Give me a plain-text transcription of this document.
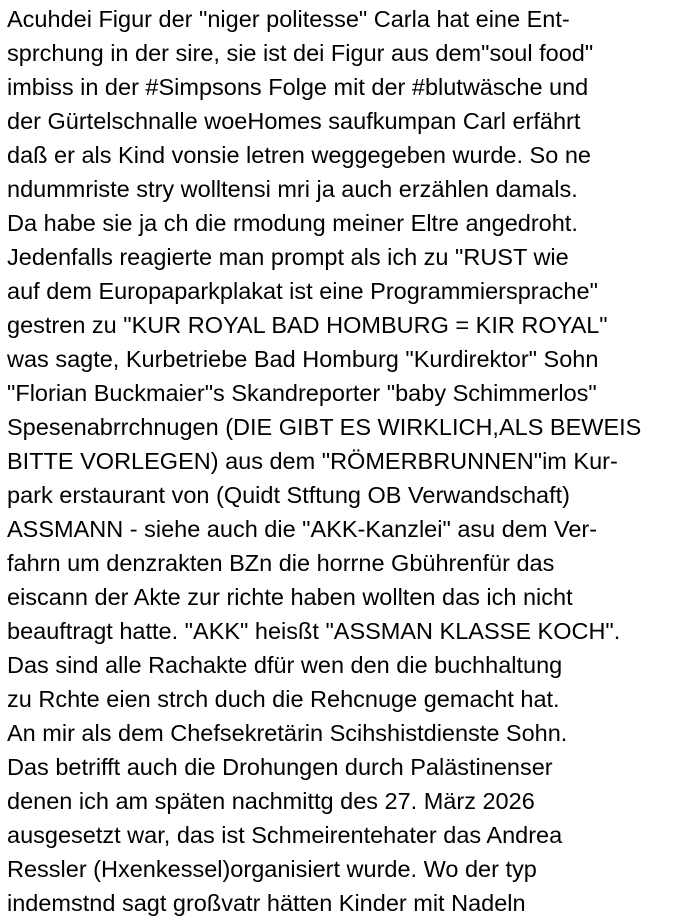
Acuhdei Figur der "niger politesse" Carla hat eine Ent-
sprchung in der sire, sie ist dei Figur aus dem"soul food"
imbiss in der #Simpsons Folge mit der #blutwäsche und
der Gürtelschnalle woeHomes saufkumpan Carl erfährt
daß er als Kind vonsie letren weggegeben wurde. So ne
ndummriste stry wolltensi mri ja auch erzählen damals.
Da habe sie ja ch die rmodung meiner Eltre angedroht.
Jedenfalls reagierte man prompt als ich zu "RUST wie
auf dem Europaparkplakat ist eine Programmiersprache"
gestren zu "KUR ROYAL BAD HOMBURG = KIR ROYAL"
was sagte, Kurbetriebe Bad Homburg "Kurdirektor" Sohn
"Florian Buckmaier"s Skandreporter "baby Schimmerlos"
Spesenabrrchnugen (DIE GIBT ES WIRKLICH,ALS BEWEIS
BITTE VORLEGEN) aus dem "RÖMERBRUNNEN"im Kur-
park erstaurant von (Quidt Stftung OB Verwandschaft)
ASSMANN - siehe auch die "AKK-Kanzlei" asu dem Ver-
fahrn um denzrakten BZn die horrne Gbührenfür das
eiscann der Akte zur richte haben wollten das ich nicht
beauftragt hatte. "AKK" heisßt "ASSMAN KLASSE KOCH".
Das sind alle Rachakte dfür wen den die buchhaltung
zu Rchte eien strch duch die Rehcnuge gemacht hat.
An mir als dem Chefsekretärin Scihshistdienste Sohn.
Das betrifft auch die Drohungen durch Palästinenser
denen ich am späten nachmittg des 27. März 2026
ausgesetzt war, das ist Schmeirentehater das Andrea
Ressler (Hxenkessel)organisiert wurde. Wo der typ
indemstnd sagt großvatr hätten Kinder mit Nadeln
